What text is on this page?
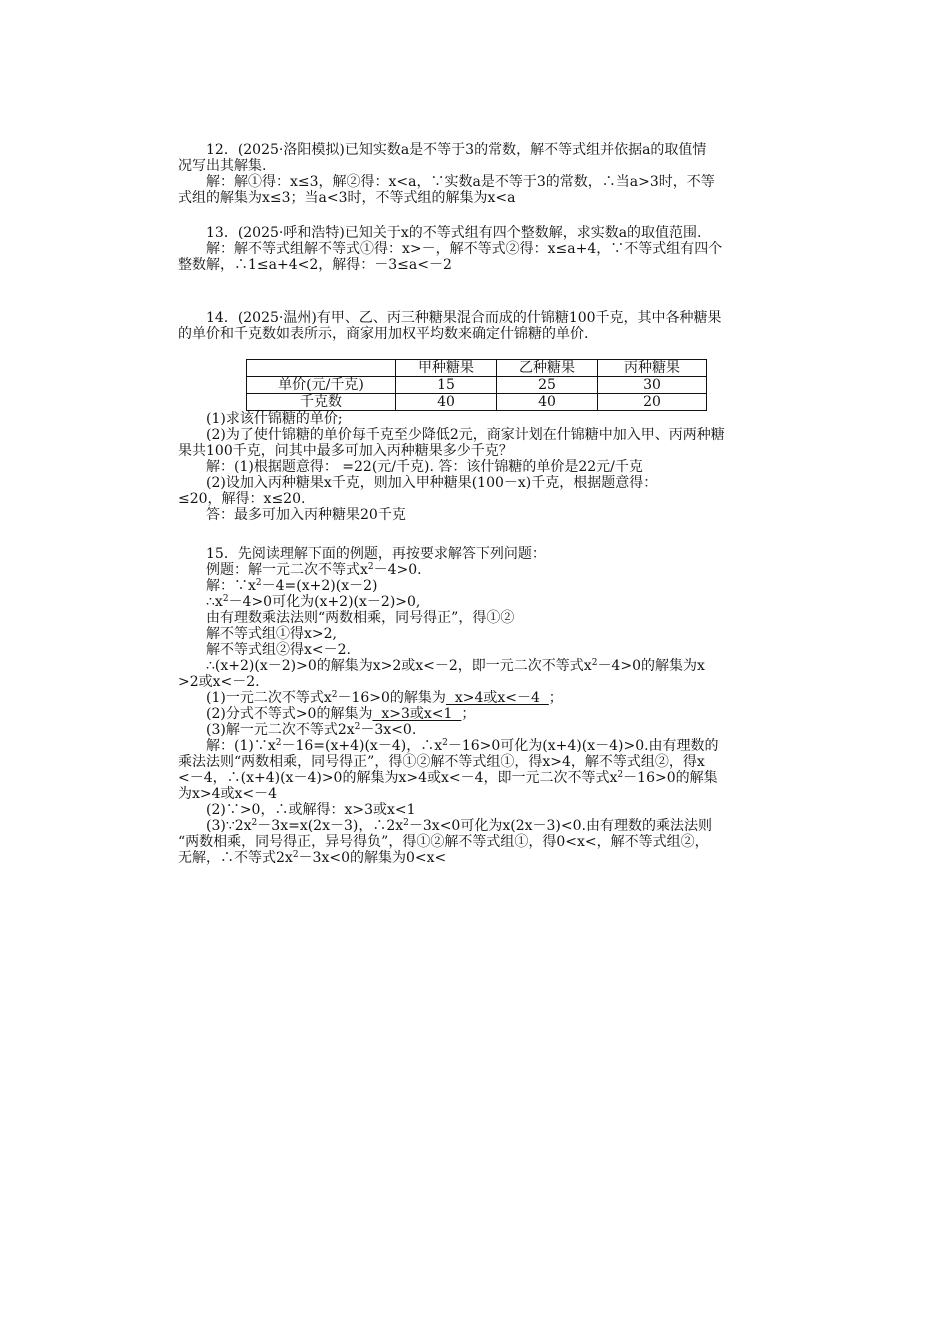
12．(2025·洛阳模拟)已知实数a是不等于3的常数，解不等式组并依据a的取值情
况写出其解集.
解：解①得：x≤3，解②得：x<a，∵实数a是不等于3的常数，∴当a>3时，不等
式组的解集为x≤3；当a<3时，不等式组的解集为x<a
13．(2025·呼和浩特)已知关于x的不等式组有四个整数解，求实数a的取值范围.
解：解不等式组解不等式①得：x>－，解不等式②得：x≤a+4，∵不等式组有四个
整数解，∴1≤a+4<2，解得：－3≤a<－2
14．(2025·温州)有甲、乙、丙三种糖果混合而成的什锦糖100千克，其中各种糖果
的单价和千克数如表所示，商家用加权平均数来确定什锦糖的单价.
	甲种糖果	乙种糖果	丙种糖果
单价(元/千克)	15	25	30
千克数	40	40	20
(1)求该什锦糖的单价;
(2)为了使什锦糖的单价每千克至少降低2元，商家计划在什锦糖中加入甲、丙两种糖
果共100千克，问其中最多可加入丙种糖果多少千克？
解：(1)根据题意得： =22(元/千克). 答：该什锦糖的单价是22元/千克
(2)设加入丙种糖果x千克，则加入甲种糖果(100－x)千克，根据题意得：
≤20，解得：x≤20.
答：最多可加入丙种糖果20千克
15．先阅读理解下面的例题，再按要求解答下列问题：
例题：解一元二次不等式$x^2-4>0$.
解：$\because x^2-4=(x+2)(x-2)$
$\therefore x^2-4>0$可化为(x+2)(x－2)>0,
由有理数乘法法则“两数相乘，同号得正”，得①②
解不等式组①得x>2,
解不等式组②得x<－2.
∴(x+2)(x－2)>0的解集为x>2或x<－2，即一元二次不等式$x^2-4>0$的解集为x
>2或x<－2.
(1)一元二次不等式$x^2-16>0$的解集为  x>4或x<－4  ；
(2)分式不等式>0的解集为  x>3或x<1  ；
(3)解一元二次不等式$2x^2-3x<0$.
解：$(1)\because x^2-16=(x+4)(x-4)$，$\therefore x^2-16>0$可化为(x+4)(x－4)>0.由有理数的
乘法法则“两数相乘，同号得正”，得①②解不等式组①，得x>4，解不等式组②，得x
<－4，∴(x+4)(x－4)>0的解集为x>4或x<－4，即一元二次不等式$x^2-16>0$的解集
为x>4或x<－4
(2)∵>0，∴或解得：x>3或x<1
$(3)\because 2x^2-3x=x(2x-3)$，$\therefore 2x^2-3x<0$可化为x(2x－3)<0.由有理数的乘法法则
“两数相乘，同号得正，异号得负”，得①②解不等式组①，得0<x<，解不等式组②，
无解，∴不等式$2x^2-3x<0$的解集为0<x<
